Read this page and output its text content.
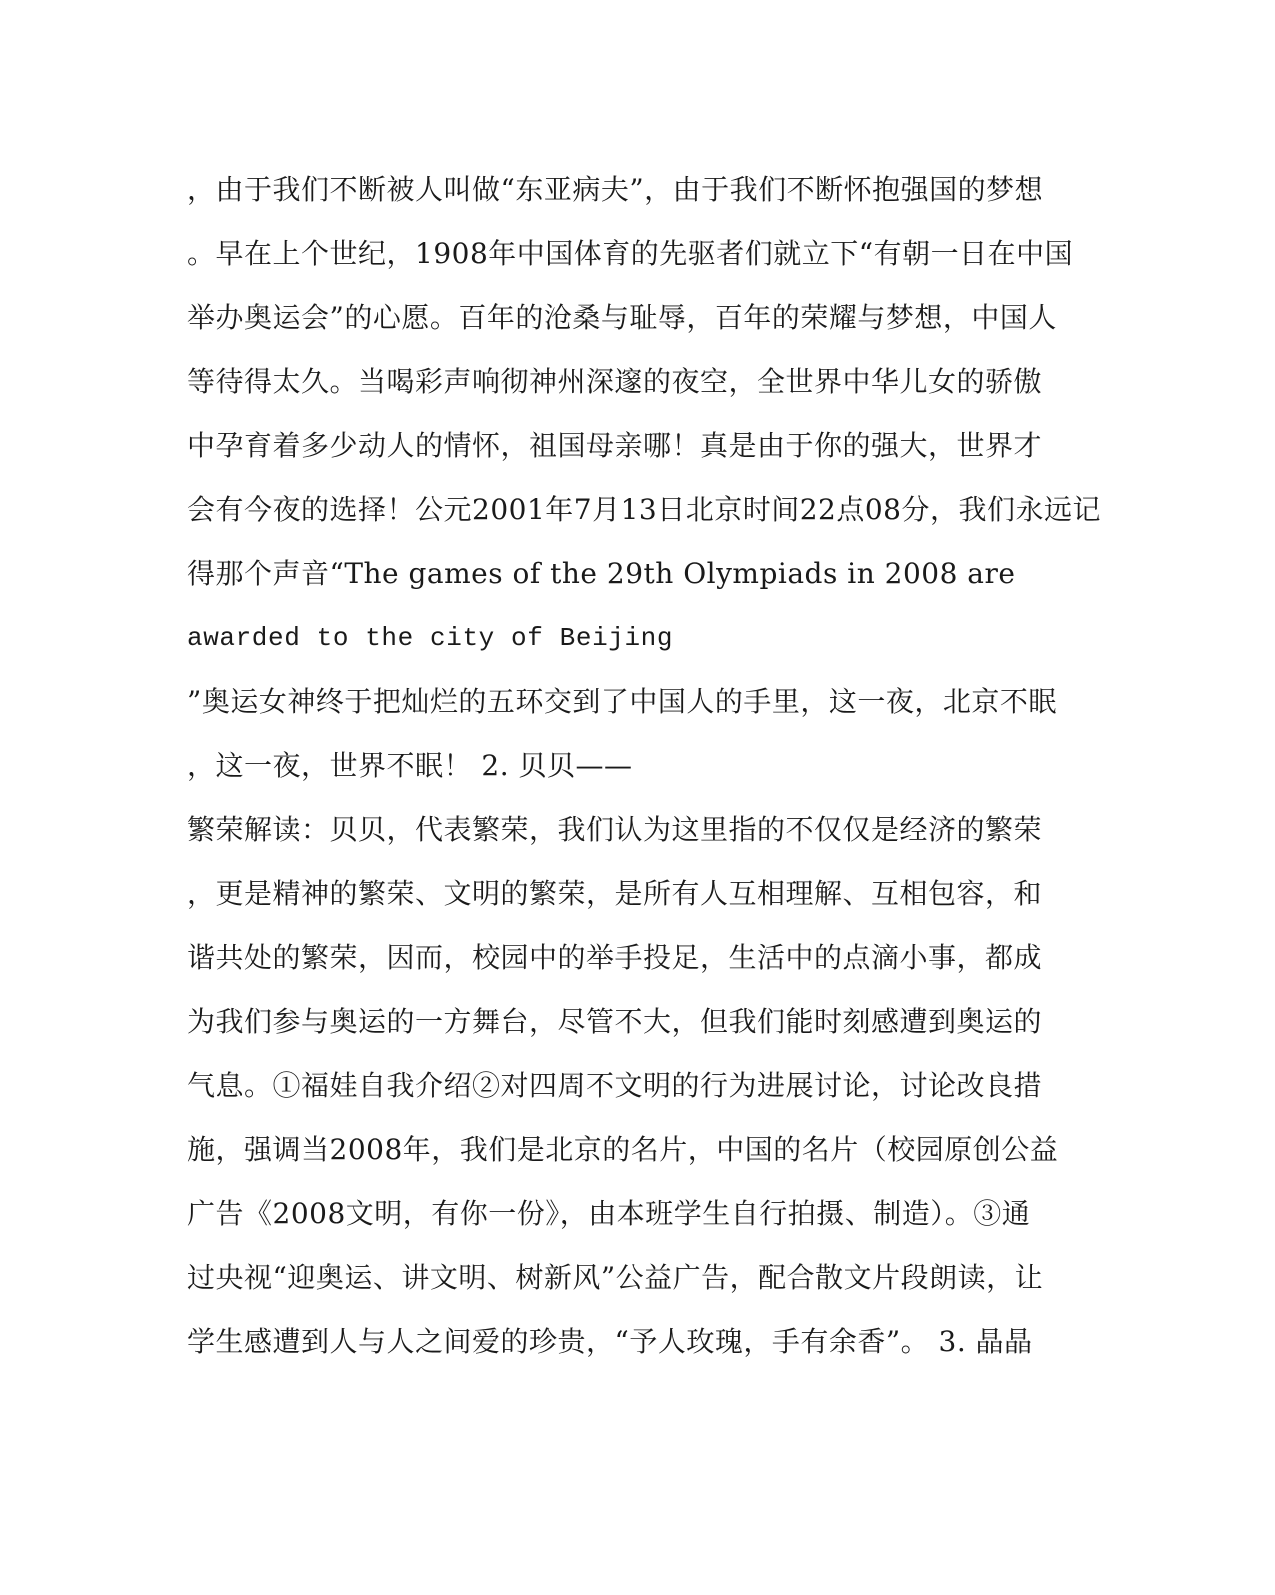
，由于我们不断被人叫做“东亚病夫”，由于我们不断怀抱强国的梦想
。早在上个世纪，1908年中国体育的先驱者们就立下“有朝一日在中国
举办奥运会”的心愿。百年的沧桑与耻辱，百年的荣耀与梦想，中国人
等待得太久。当喝彩声响彻神州深邃的夜空，全世界中华儿女的骄傲
中孕育着多少动人的情怀，祖国母亲哪！真是由于你的强大，世界才
会有今夜的选择！公元2001年7月13日北京时间22点08分，我们永远记
得那个声音“The games of the 29th Olympiads in 2008 are
awarded to the city of Beijing
”奥运女神终于把灿烂的五环交到了中国人的手里，这一夜，北京不眠
，这一夜，世界不眠！ 2. 贝贝——
繁荣解读：贝贝，代表繁荣，我们认为这里指的不仅仅是经济的繁荣
，更是精神的繁荣、文明的繁荣，是所有人互相理解、互相包容，和
谐共处的繁荣，因而，校园中的举手投足，生活中的点滴小事，都成
为我们参与奥运的一方舞台，尽管不大，但我们能时刻感遭到奥运的
气息。①福娃自我介绍②对四周不文明的行为进展讨论，讨论改良措
施，强调当2008年，我们是北京的名片，中国的名片（校园原创公益
广告《2008文明，有你一份》，由本班学生自行拍摄、制造）。③通
过央视“迎奥运、讲文明、树新风”公益广告，配合散文片段朗读，让
学生感遭到人与人之间爱的珍贵，“予人玫瑰，手有余香”。 3. 晶晶
